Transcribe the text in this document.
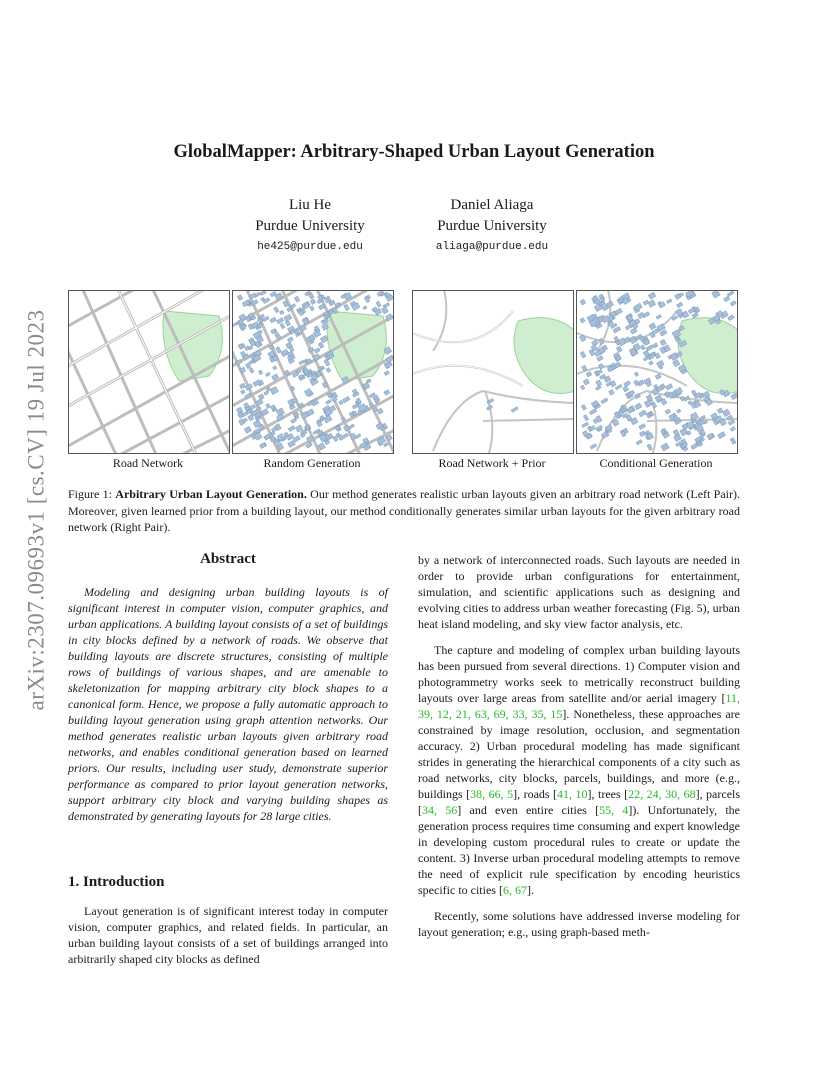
arXiv:2307.09693v1 [cs.CV] 19 Jul 2023
GlobalMapper: Arbitrary-Shaped Urban Layout Generation
Liu He
Purdue University
he425@purdue.edu
Daniel Aliaga
Purdue University
aliaga@purdue.edu
Road Network	Random Generation	Road Network + Prior	Conditional Generation
Figure 1: Arbitrary Urban Layout Generation. Our method generates realistic urban layouts given an arbitrary road network (Left Pair). Moreover, given learned prior from a building layout, our method conditionally generates similar urban layouts for the given arbitrary road network (Right Pair).
Abstract

Modeling and designing urban building layouts is of significant interest in computer vision, computer graphics, and urban applications. A building layout consists of a set of buildings in city blocks defined by a network of roads. We observe that building layouts are discrete structures, consisting of multiple rows of buildings of various shapes, and are amenable to skeletonization for mapping arbitrary city block shapes to a canonical form. Hence, we propose a fully automatic approach to building layout generation using graph attention networks. Our method generates realistic urban layouts given arbitrary road networks, and enables conditional generation based on learned priors. Our results, including user study, demonstrate superior performance as compared to prior layout generation networks, support arbitrary city block and varying building shapes as demonstrated by generating layouts for 28 large cities.

1. Introduction

Layout generation is of significant interest today in computer vision, computer graphics, and related fields. In particular, an urban building layout consists of a set of buildings arranged into arbitrarily shaped city blocks as defined

by a network of interconnected roads. Such layouts are needed in order to provide urban configurations for entertainment, simulation, and scientific applications such as designing and evolving cities to address urban weather forecasting (Fig. 5), urban heat island modeling, and sky view factor analysis, etc.

The capture and modeling of complex urban building layouts has been pursued from several directions. 1) Computer vision and photogrammetry works seek to metrically reconstruct building layouts over large areas from satellite and/or aerial imagery [11, 39, 12, 21, 63, 69, 33, 35, 15]. Nonetheless, these approaches are constrained by image resolution, occlusion, and segmentation accuracy. 2) Urban procedural modeling has made significant strides in generating the hierarchical components of a city such as road networks, city blocks, parcels, buildings, and more (e.g., buildings [38, 66, 5], roads [41, 10], trees [22, 24, 30, 68], parcels [34, 56] and even entire cities [55, 4]). Unfortunately, the generation process requires time consuming and expert knowledge in developing custom procedural rules to create or update the content. 3) Inverse urban procedural modeling attempts to remove the need of explicit rule specification by encoding heuristics specific to cities [6, 67].

Recently, some solutions have addressed inverse modeling for layout generation; e.g., using graph-based meth-
